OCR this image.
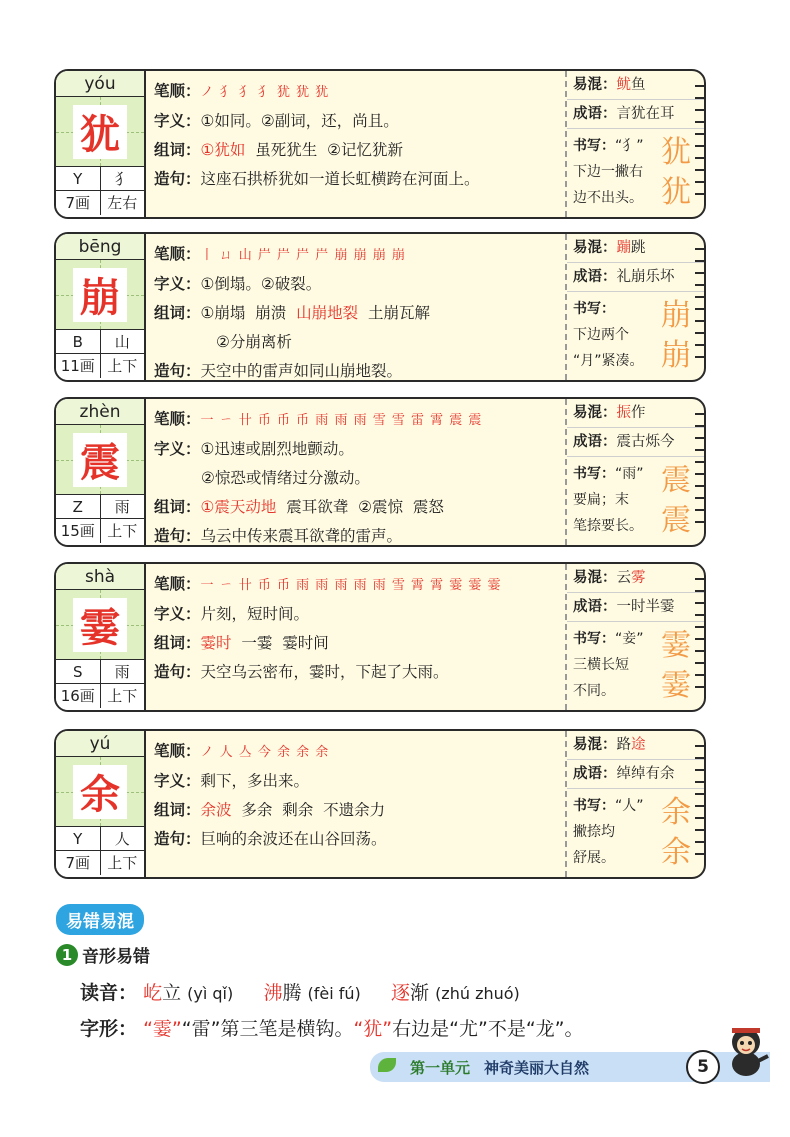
yóu
犹
Y	犭
7画	左右
笔顺：ノ 犭 犭 犭 犹 犹 犹
字义：①如同。②副词，还，尚且。
组词：①犹如  虽死犹生  ②记忆犹新
造句：这座石拱桥犹如一道长虹横跨在河面上。
易混：鱿鱼
成语：言犹在耳
书写：“犭”
下边一撇右
边不出头。
犹
犹
bēng
崩
B	山
11画 上下
笔顺：丨 ㄩ 山 屵 屵 屵 屵 崩 崩 崩 崩
字义：①倒塌。②破裂。
组词：①崩塌  崩溃  山崩地裂  土崩瓦解
②分崩离析
造句：天空中的雷声如同山崩地裂。
易混：蹦跳
成语：礼崩乐坏
书写：
下边两个
“月”紧凑。
崩
崩
zhèn
震
Z	雨
15画 上下
笔顺：一 ㄧ 卄 币 币 币 雨 雨 雨 雪 雪 雷 霄 震 震
字义：①迅速或剧烈地颤动。
②惊恐或情绪过分激动。
组词：①震天动地  震耳欲聋  ②震惊  震怒
造句：乌云中传来震耳欲聋的雷声。
易混：振作
成语：震古烁今
书写：“雨”
要扁；末
笔捺要长。
震
震
shà
霎
S	雨
16画 上下
笔顺：一 ㄧ 卄 币 币 雨 雨 雨 雨 雨 雪 霄 霄 霎 霎 霎
字义：片刻，短时间。
组词：霎时  一霎  霎时间
造句：天空乌云密布，霎时，下起了大雨。
易混：云雾
成语：一时半霎
书写：“妾”
三横长短
不同。
霎
霎
yú
余
Y	人
7画	上下
笔顺：ノ 人 亼 今 余 余 余
字义：剩下，多出来。
组词：余波  多余  剩余  不遗余力
造句：巨响的余波还在山谷回荡。
易混：路途
成语：绰绰有余
书写：“人”
撇捺均
舒展。
余
余
易错易混
1 音形易错
读音： 屹立 (yì qǐ) 沸腾 (fèi fú) 逐渐 (zhú zhuó)
字形： “霎”“雷”第三笔是横钩。“犹”右边是“尤”不是“龙”。
第一单元 神奇美丽大自然	5
